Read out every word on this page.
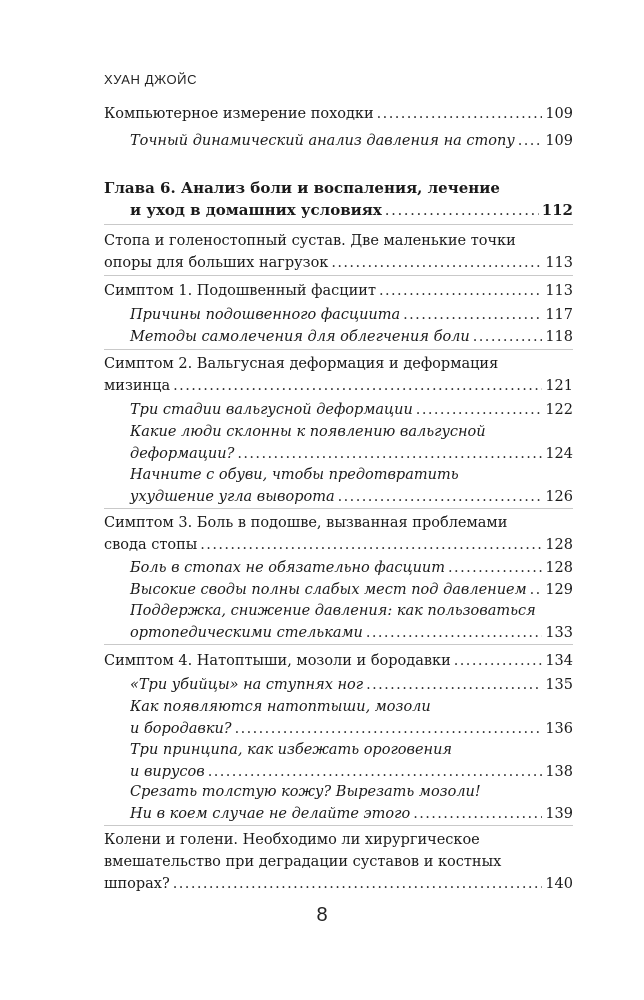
ХУАН ДЖОЙС
Компьютерное измерение походки . . .	109
Точный динамический анализ давления на стопу . . . 109
Глава 6. Анализ боли и воспаления, лечение
и уход в домашних условиях . . .	112
Стопа и голеностопный сустав. Две маленькие точки
опоры для больших нагрузок . . .	113
Симптом 1. Подошвенный фасциит . . .	113
Причины подошвенного фасциита . . .	117
Методы самолечения для облегчения боли . . .	118
Симптом 2. Вальгусная деформация и деформация
мизинца . . .	121
Три стадии вальгусной деформации . . .	122
Какие люди склонны к появлению вальгусной
деформации? . . .	124
Начните с обуви, чтобы предотвратить
ухудшение угла выворота . . .	126
Симптом 3. Боль в подошве, вызванная проблемами
свода стопы . . .	128
Боль в стопах не обязательно фасциит . . .	128
Высокие своды полны слабых мест под давлением . . . 129
Поддержка, снижение давления: как пользоваться
ортопедическими стельками . . .	133
Симптом 4. Натоптыши, мозоли и бородавки . . .	134
«Три убийцы» на ступнях ног . . .	135
Как появляются натоптыши, мозоли
и бородавки? . . .	136
Три принципа, как избежать ороговения
и вирусов . . .	138
Срезать толстую кожу? Вырезать мозоли!
Ни в коем случае не делайте этого . . .	139
Колени и голени. Необходимо ли хирургическое
вмешательство при деградации суставов и костных
шпорах? . . .	140
8
